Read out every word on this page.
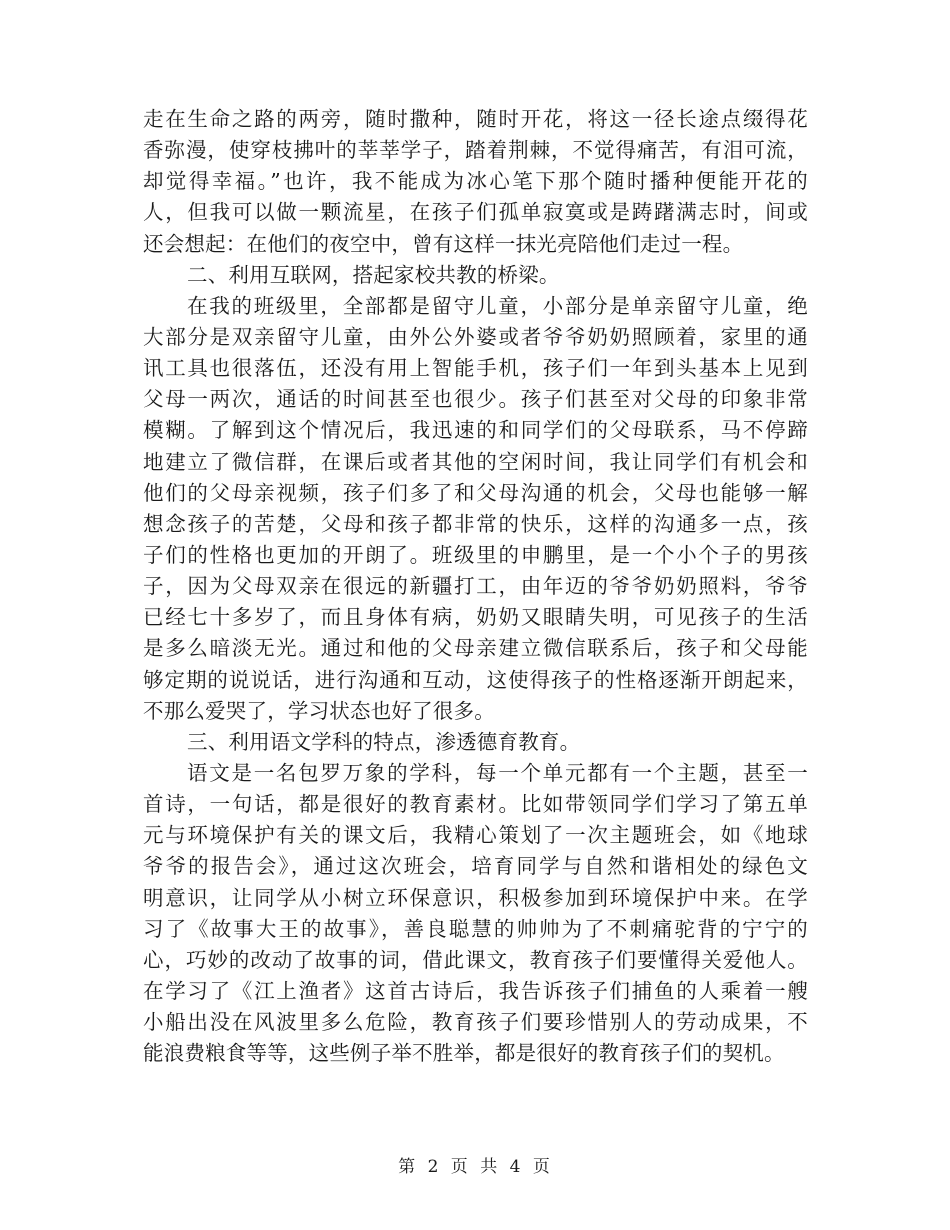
走在生命之路的两旁，随时撒种，随时开花，将这一径长途点缀得花
香弥漫，使穿枝拂叶的莘莘学子，踏着荆棘，不觉得痛苦，有泪可流，
却觉得幸福。”也许，我不能成为冰心笔下那个随时播种便能开花的
人，但我可以做一颗流星，在孩子们孤单寂寞或是踌躇满志时，间或
还会想起：在他们的夜空中，曾有这样一抹光亮陪他们走过一程。
二、利用互联网，搭起家校共教的桥梁。
在我的班级里，全部都是留守儿童，小部分是单亲留守儿童，绝
大部分是双亲留守儿童，由外公外婆或者爷爷奶奶照顾着，家里的通
讯工具也很落伍，还没有用上智能手机，孩子们一年到头基本上见到
父母一两次，通话的时间甚至也很少。孩子们甚至对父母的印象非常
模糊。了解到这个情况后，我迅速的和同学们的父母联系，马不停蹄
地建立了微信群，在课后或者其他的空闲时间，我让同学们有机会和
他们的父母亲视频，孩子们多了和父母沟通的机会，父母也能够一解
想念孩子的苦楚，父母和孩子都非常的快乐，这样的沟通多一点，孩
子们的性格也更加的开朗了。班级里的申鹏里，是一个小个子的男孩
子，因为父母双亲在很远的新疆打工，由年迈的爷爷奶奶照料，爷爷
已经七十多岁了，而且身体有病，奶奶又眼睛失明，可见孩子的生活
是多么暗淡无光。通过和他的父母亲建立微信联系后，孩子和父母能
够定期的说说话，进行沟通和互动，这使得孩子的性格逐渐开朗起来，
不那么爱哭了，学习状态也好了很多。
三、利用语文学科的特点，渗透德育教育。
语文是一名包罗万象的学科，每一个单元都有一个主题，甚至一
首诗，一句话，都是很好的教育素材。比如带领同学们学习了第五单
元与环境保护有关的课文后，我精心策划了一次主题班会，如《地球
爷爷的报告会》，通过这次班会，培育同学与自然和谐相处的绿色文
明意识，让同学从小树立环保意识，积极参加到环境保护中来。在学
习了《故事大王的故事》，善良聪慧的帅帅为了不刺痛驼背的宁宁的
心，巧妙的改动了故事的词，借此课文，教育孩子们要懂得关爱他人。
在学习了《江上渔者》这首古诗后，我告诉孩子们捕鱼的人乘着一艘
小船出没在风波里多么危险，教育孩子们要珍惜别人的劳动成果，不
能浪费粮食等等，这些例子举不胜举，都是很好的教育孩子们的契机。
第 2 页 共 4 页
